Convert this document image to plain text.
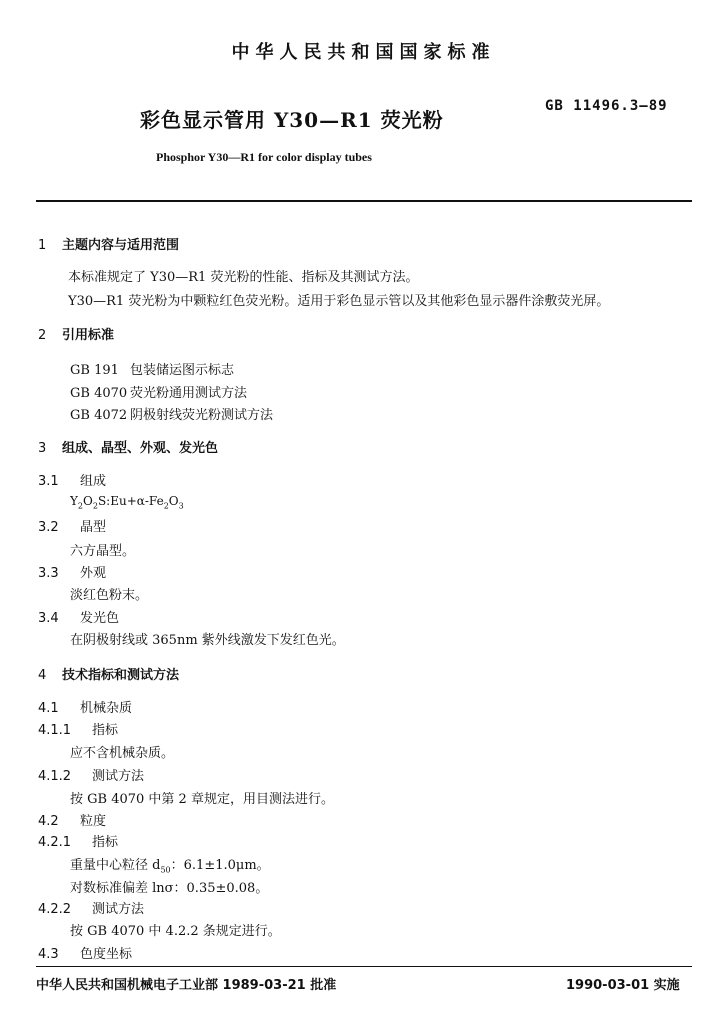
中华人民共和国国家标准
彩色显示管用 Y30—R1 荧光粉
GB 11496.3—89
Phosphor Y30—R1 for color display tubes
1 主题内容与适用范围
本标准规定了 Y30—R1 荧光粉的性能、指标及其测试方法。
Y30—R1 荧光粉为中颗粒红色荧光粉。适用于彩色显示管以及其他彩色显示器件涂敷荧光屏。
2 引用标准
GB 191 包装储运图示标志
GB 4070 荧光粉通用测试方法
GB 4072 阴极射线荧光粉测试方法
3 组成、晶型、外观、发光色
3.1 组成
$Y_2O_2S:Eu+\alpha-Fe_2O_3$
3.2 晶型
六方晶型。
3.3 外观
淡红色粉末。
3.4 发光色
在阴极射线或 365nm 紫外线激发下发红色光。
4 技术指标和测试方法
4.1 机械杂质
4.1.1 指标
应不含机械杂质。
4.1.2 测试方法
按 GB 4070 中第 2 章规定，用目测法进行。
4.2 粒度
4.2.1 指标
重量中心粒径 $d_{50}$：6.1±1.0μm。
对数标准偏差 lnσ：0.35±0.08。
4.2.2 测试方法
按 GB 4070 中 4.2.2 条规定进行。
4.3 色度坐标
中华人民共和国机械电子工业部 1989-03-21 批准	1990-03-01 实施
